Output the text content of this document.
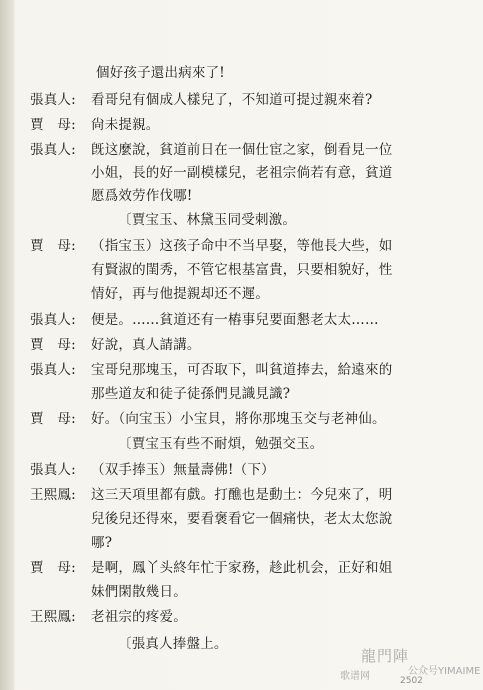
個好孩子還出病來了!
張真人: 看哥兒有個成人樣兒了，不知道可提过親來着?
賈　母: 尙未提親。
張真人: 旣这麼說，貧道前日在一個仕宦之家，倒看見一位
小姐，長的好一副模樣兒，老祖宗倘若有意，貧道
愿爲效劳作伐哪!
〔賈宝玉、林黛玉同受刺激。
賈　母: （指宝玉）这孩子命中不当早娶，等他長大些，如
有賢淑的閨秀，不管它根基富貴，只要相貌好，性
情好，再与他提親却还不遲。
張真人: 便是。……貧道还有一樁事兒要面懇老太太……
賈　母: 好說，真人請講。
張真人: 宝哥兒那塊玉，可否取下，叫貧道捧去，給遠來的
那些道友和徒子徒孫們見識見識?
賈　母: 好。（向宝玉）小宝貝，將你那塊玉交与老神仙。
〔賈宝玉有些不耐煩，勉强交玉。
張真人: （双手捧玉）無量壽佛!（下）
王熙鳳: 这三天項里都有戲。打醮也是動土：今兒來了，明
兒後兒还得來，要看褒看它一個痛快，老太太您說
哪?
賈　母: 是啊，鳳丫头終年忙于家務，趁此机会，正好和姐
妹們閑散幾日。
王熙鳳: 老祖宗的疼爱。
〔張真人捧盤上。
龍門陣
歌谱网	公众号YIMAIME
2502
